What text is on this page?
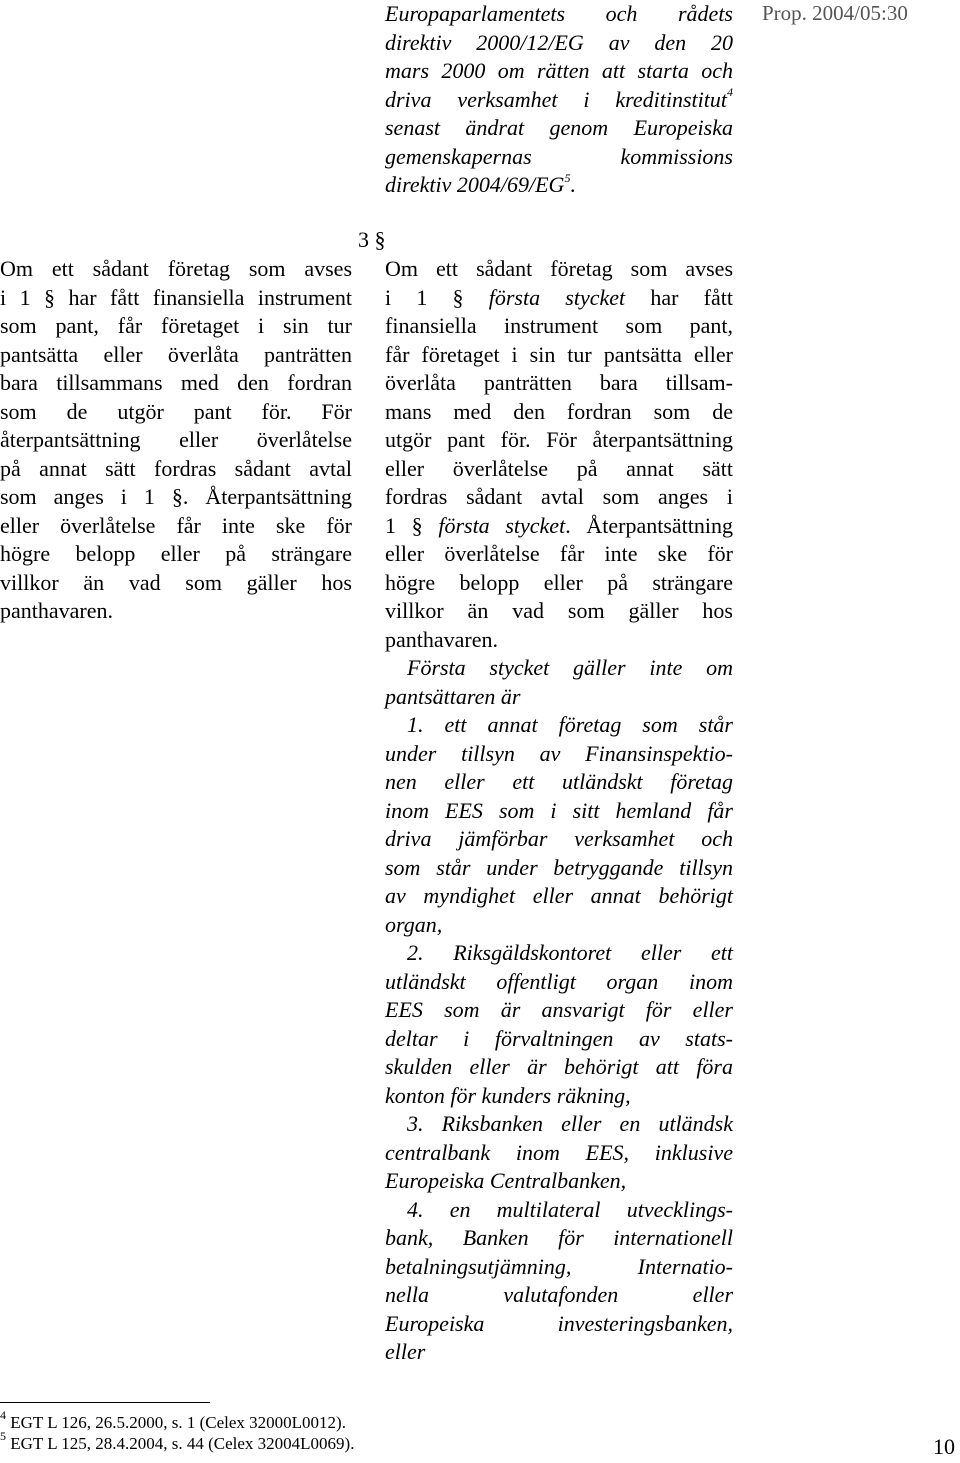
Prop. 2004/05:30
Europaparlamentets och rådets
direktiv 2000/12/EG av den 20
mars 2000 om rätten att starta och
driva verksamhet i kreditinstitut$^4$
senast ändrat genom Europeiska
gemenskapernas kommissions
direktiv $2004/69/EG^5$.
3 §
Om ett sådant företag som avses
i 1 § har fått finansiella instrument
som pant, får företaget i sin tur
pantsätta eller överlåta panträtten
bara tillsammans med den fordran
som de utgör pant för. För
återpantsättning eller överlåtelse
på annat sätt fordras sådant avtal
som anges i 1 §. Återpantsättning
eller överlåtelse får inte ske för
högre belopp eller på strängare
villkor än vad som gäller hos
panthavaren.
Om ett sådant företag som avses
i 1 § första stycket har fått
finansiella instrument som pant,
får företaget i sin tur pantsätta eller
överlåta panträtten bara tillsam-
mans med den fordran som de
utgör pant för. För återpantsättning
eller överlåtelse på annat sätt
fordras sådant avtal som anges i
1 § första stycket. Återpantsättning
eller överlåtelse får inte ske för
högre belopp eller på strängare
villkor än vad som gäller hos
panthavaren.
Första stycket gäller inte om
pantsättaren är
1. ett annat företag som står
under tillsyn av Finansinspektio-
nen eller ett utländskt företag
inom EES som i sitt hemland får
driva jämförbar verksamhet och
som står under betryggande tillsyn
av myndighet eller annat behörigt
organ,
2. Riksgäldskontoret eller ett
utländskt offentligt organ inom
EES som är ansvarigt för eller
deltar i förvaltningen av stats-
skulden eller är behörigt att föra
konton för kunders räkning,
3. Riksbanken eller en utländsk
centralbank inom EES, inklusive
Europeiska Centralbanken,
4. en multilateral utvecklings-
bank, Banken för internationell
betalningsutjämning, Internatio-
nella valutafonden eller
Europeiska investeringsbanken,
eller
$^4$ EGT L 126, 26.5.2000, s. 1 (Celex 32000L0012).
$^5$ EGT L 125, 28.4.2004, s. 44 (Celex 32004L0069).	10
